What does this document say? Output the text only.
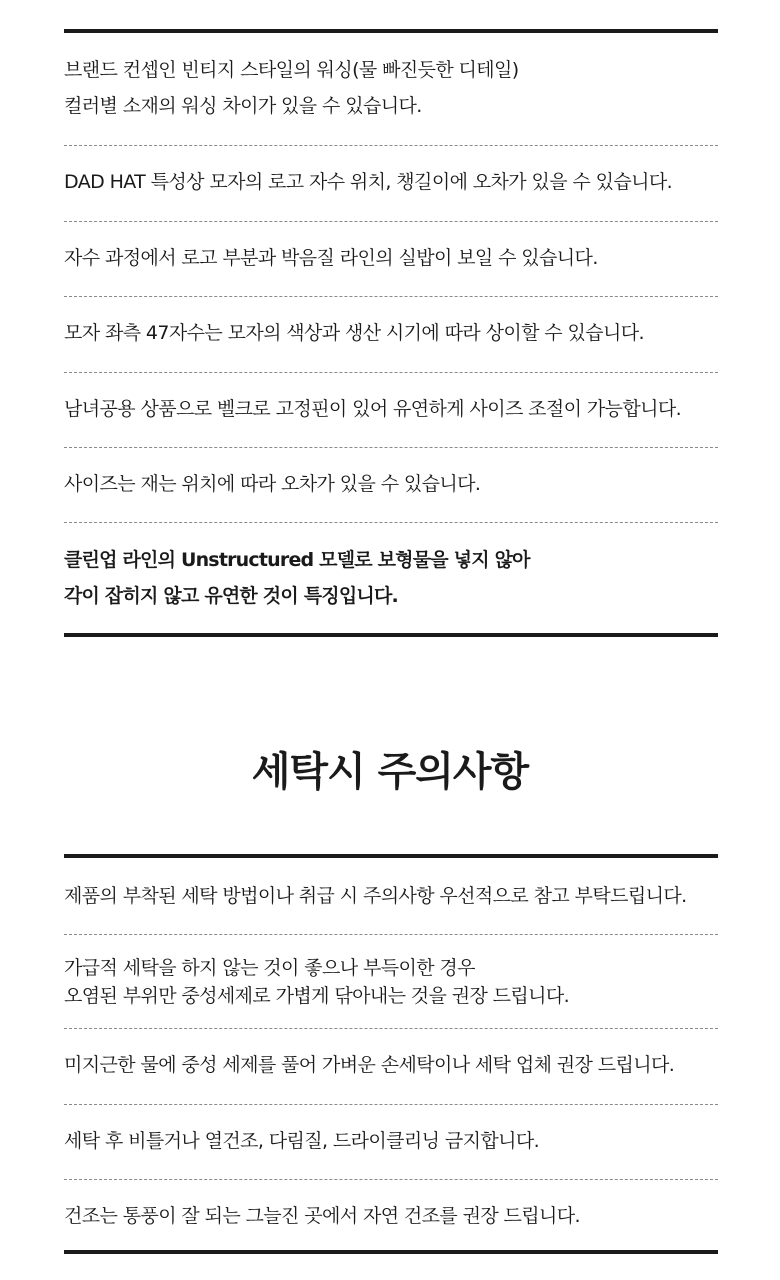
브랜드 컨셉인 빈티지 스타일의 워싱(물 빠진듯한 디테일)
컬러별 소재의 워싱 차이가 있을 수 있습니다.
DAD HAT 특성상 모자의 로고 자수 위치, 챙길이에 오차가 있을 수 있습니다.
자수 과정에서 로고 부분과 박음질 라인의 실밥이 보일 수 있습니다.
모자 좌측 47자수는 모자의 색상과 생산 시기에 따라 상이할 수 있습니다.
남녀공용 상품으로 벨크로 고정핀이 있어 유연하게 사이즈 조절이 가능합니다.
사이즈는 재는 위치에 따라 오차가 있을 수 있습니다.
클린업 라인의 Unstructured 모델로 보형물을 넣지 않아
각이 잡히지 않고 유연한 것이 특징입니다.
세탁시 주의사항
제품의 부착된 세탁 방법이나 취급 시 주의사항 우선적으로 참고 부탁드립니다.
가급적 세탁을 하지 않는 것이 좋으나 부득이한 경우
오염된 부위만 중성세제로 가볍게 닦아내는 것을 권장 드립니다.
미지근한 물에 중성 세제를 풀어 가벼운 손세탁이나 세탁 업체 권장 드립니다.
세탁 후 비틀거나 열건조, 다림질, 드라이클리닝 금지합니다.
건조는 통풍이 잘 되는 그늘진 곳에서 자연 건조를 권장 드립니다.
